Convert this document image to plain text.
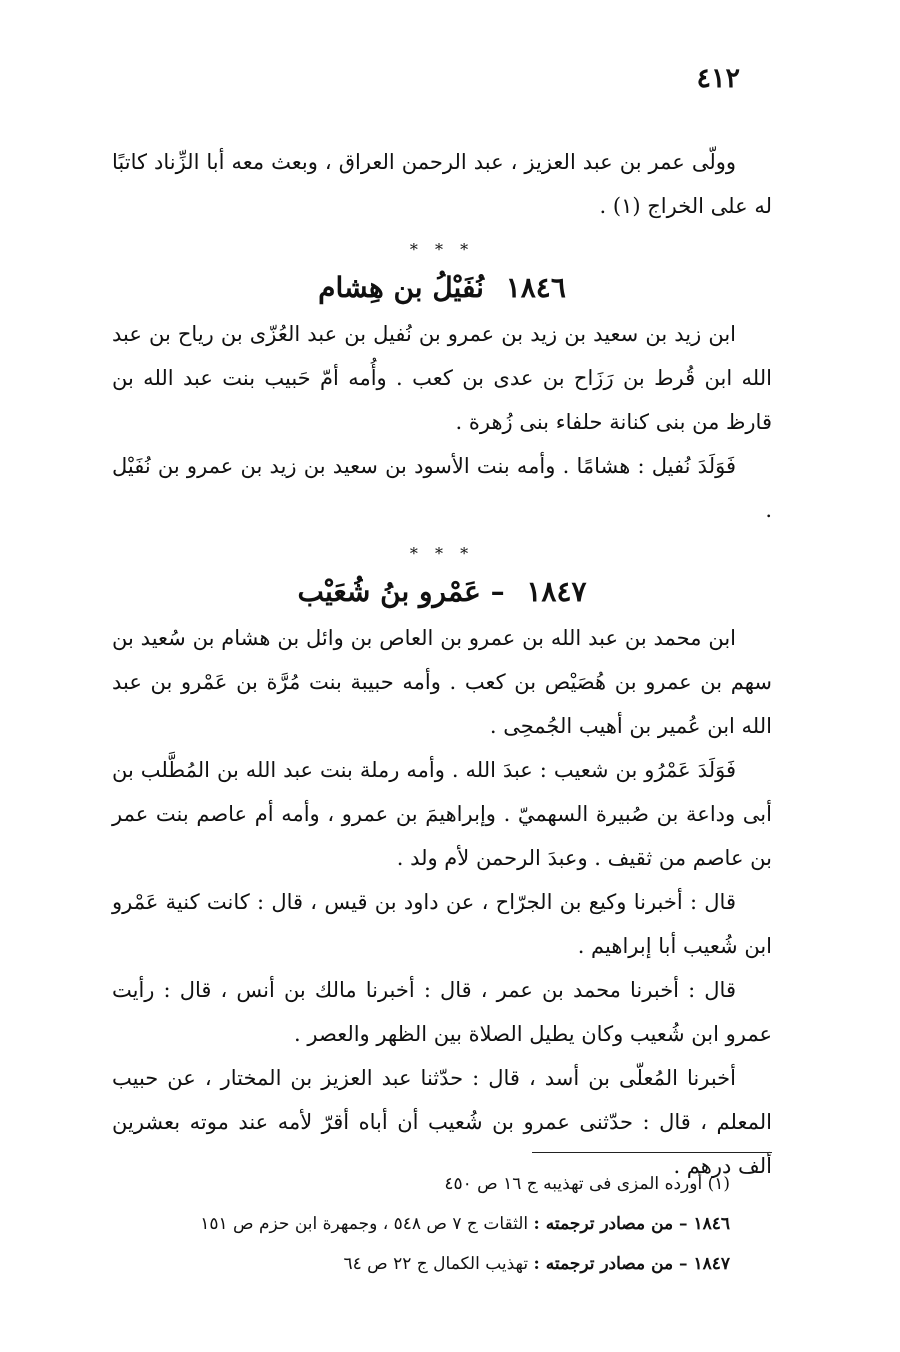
٤١٢

وولّى عمر بن عبد العزيز ، عبد الرحمن العراق ، وبعث معه أبا الزِّناد كاتبًا له على الخراج (١) .

* * *
١٨٤٦ نُفَيْلُ بن هِشام

ابن زيد بن سعيد بن زيد بن عمرو بن نُفيل بن عبد العُزّى بن رياح بن عبد الله ابن قُرط بن رَزَاح بن عدى بن كعب . وأُمه أمّ حَبيب بنت عبد الله بن قارظ من بنى كنانة حلفاء بنى زُهرة .

فَوَلَدَ نُفيل : هشامًا . وأمه بنت الأسود بن سعيد بن زيد بن عمرو بن نُفَيْل .

* * *
١٨٤٧ – عَمْرو بنُ شُعَيْب

ابن محمد بن عبد الله بن عمرو بن العاص بن وائل بن هشام بن سُعيد بن سهم بن عمرو بن هُصَيْص بن كعب . وأمه حبيبة بنت مُرَّة بن عَمْرو بن عبد الله ابن عُمير بن أهيب الجُمحِى .

فَوَلَدَ عَمْرُو بن شعيب : عبدَ الله . وأمه رملة بنت عبد الله بن المُطَّلب بن أبى وداعة بن صُبيرة السهميّ . وإبراهيمَ بن عمرو ، وأمه أم عاصم بنت عمر بن عاصم من ثقيف . وعبدَ الرحمن لأم ولد .

قال : أخبرنا وكيع بن الجرّاح ، عن داود بن قيس ، قال : كانت كنية عَمْرو ابن شُعيب أبا إبراهيم .

قال : أخبرنا محمد بن عمر ، قال : أخبرنا مالك بن أنس ، قال : رأيت عمرو ابن شُعيب وكان يطيل الصلاة بين الظهر والعصر .

أخبرنا المُعلّى بن أسد ، قال : حدّثنا عبد العزيز بن المختار ، عن حبيب المعلم ، قال : حدّثنى عمرو بن شُعيب أن أباه أقرّ لأمه عند موته بعشرين ألف درهم .

(١) أورده المزى فى تهذيبه ج ١٦ ص ٤٥٠

١٨٤٦ – من مصادر ترجمته : الثقات ج ٧ ص ٥٤٨ ، وجمهرة ابن حزم ص ١٥١

١٨٤٧ – من مصادر ترجمته : تهذيب الكمال ج ٢٢ ص ٦٤
